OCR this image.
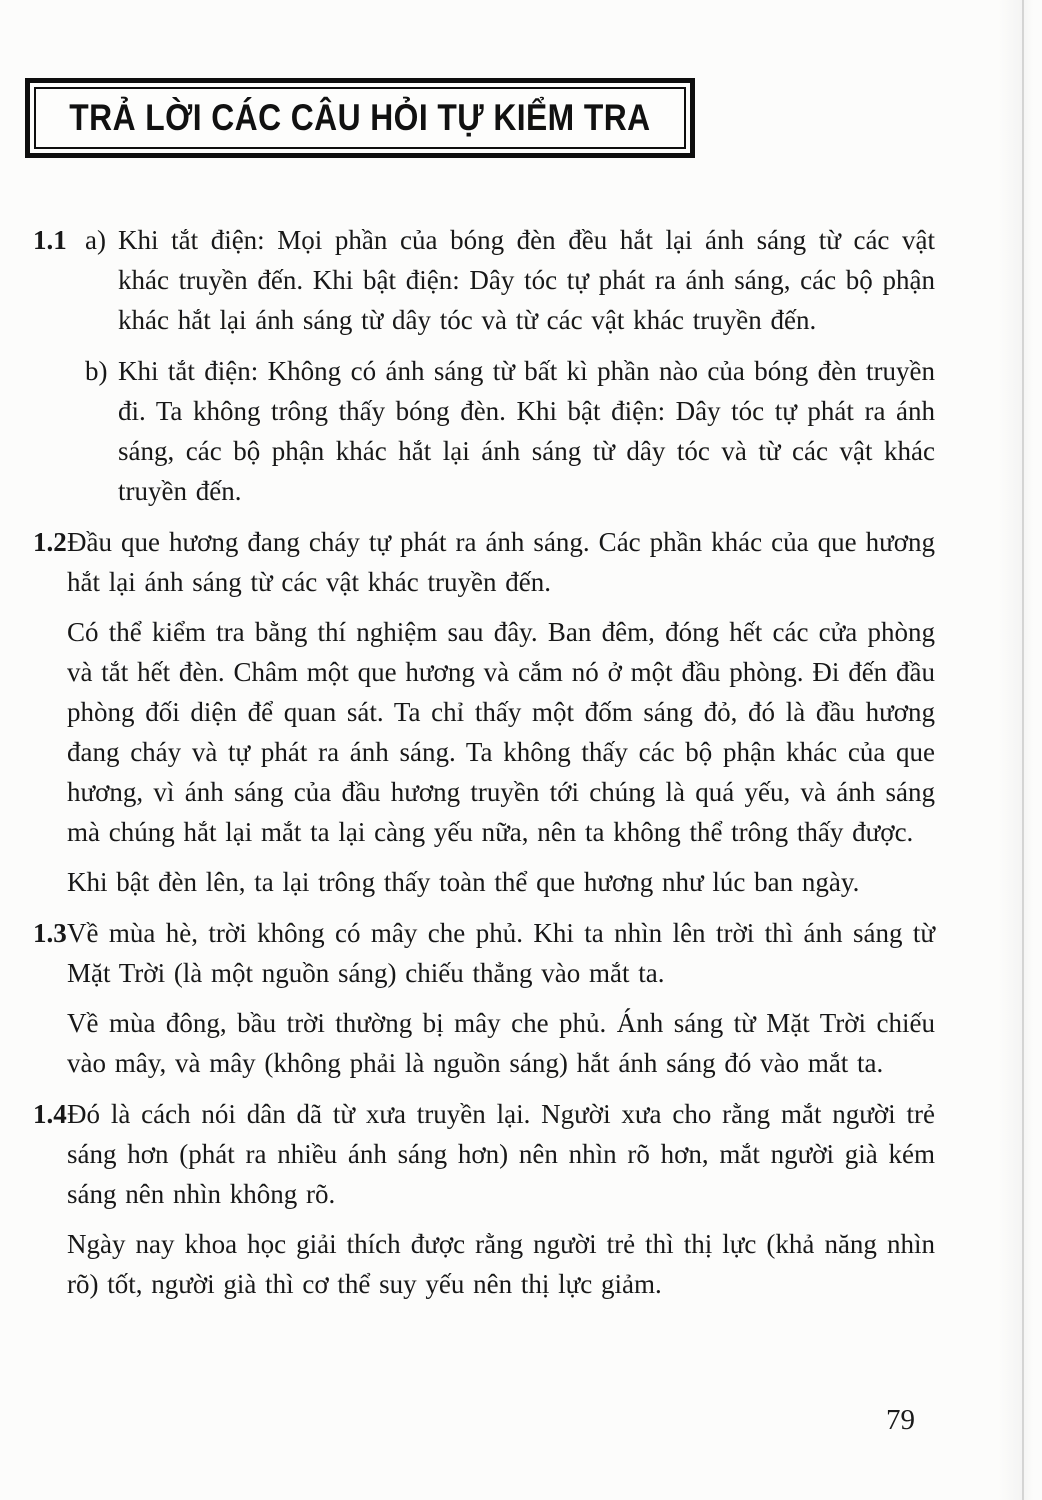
TRẢ LỜI CÁC CÂU HỎI TỰ KIỂM TRA
1.1 a) Khi tắt điện: Mọi phần của bóng đèn đều hắt lại ánh sáng từ các vật khác truyền đến. Khi bật điện: Dây tóc tự phát ra ánh sáng, các bộ phận khác hắt lại ánh sáng từ dây tóc và từ các vật khác truyền đến.

b) Khi tắt điện: Không có ánh sáng từ bất kì phần nào của bóng đèn truyền đi. Ta không trông thấy bóng đèn. Khi bật điện: Dây tóc tự phát ra ánh sáng, các bộ phận khác hắt lại ánh sáng từ dây tóc và từ các vật khác truyền đến.

1.2 Đầu que hương đang cháy tự phát ra ánh sáng. Các phần khác của que hương hắt lại ánh sáng từ các vật khác truyền đến.

Có thể kiểm tra bằng thí nghiệm sau đây. Ban đêm, đóng hết các cửa phòng và tắt hết đèn. Châm một que hương và cắm nó ở một đầu phòng. Đi đến đầu phòng đối diện để quan sát. Ta chỉ thấy một đốm sáng đỏ, đó là đầu hương đang cháy và tự phát ra ánh sáng. Ta không thấy các bộ phận khác của que hương, vì ánh sáng của đầu hương truyền tới chúng là quá yếu, và ánh sáng mà chúng hắt lại mắt ta lại càng yếu nữa, nên ta không thể trông thấy được.

Khi bật đèn lên, ta lại trông thấy toàn thể que hương như lúc ban ngày.

1.3 Về mùa hè, trời không có mây che phủ. Khi ta nhìn lên trời thì ánh sáng từ Mặt Trời (là một nguồn sáng) chiếu thẳng vào mắt ta.

Về mùa đông, bầu trời thường bị mây che phủ. Ánh sáng từ Mặt Trời chiếu vào mây, và mây (không phải là nguồn sáng) hắt ánh sáng đó vào mắt ta.

1.4 Đó là cách nói dân dã từ xưa truyền lại. Người xưa cho rằng mắt người trẻ sáng hơn (phát ra nhiều ánh sáng hơn) nên nhìn rõ hơn, mắt người già kém sáng nên nhìn không rõ.

Ngày nay khoa học giải thích được rằng người trẻ thì thị lực (khả năng nhìn rõ) tốt, người già thì cơ thể suy yếu nên thị lực giảm.

79
